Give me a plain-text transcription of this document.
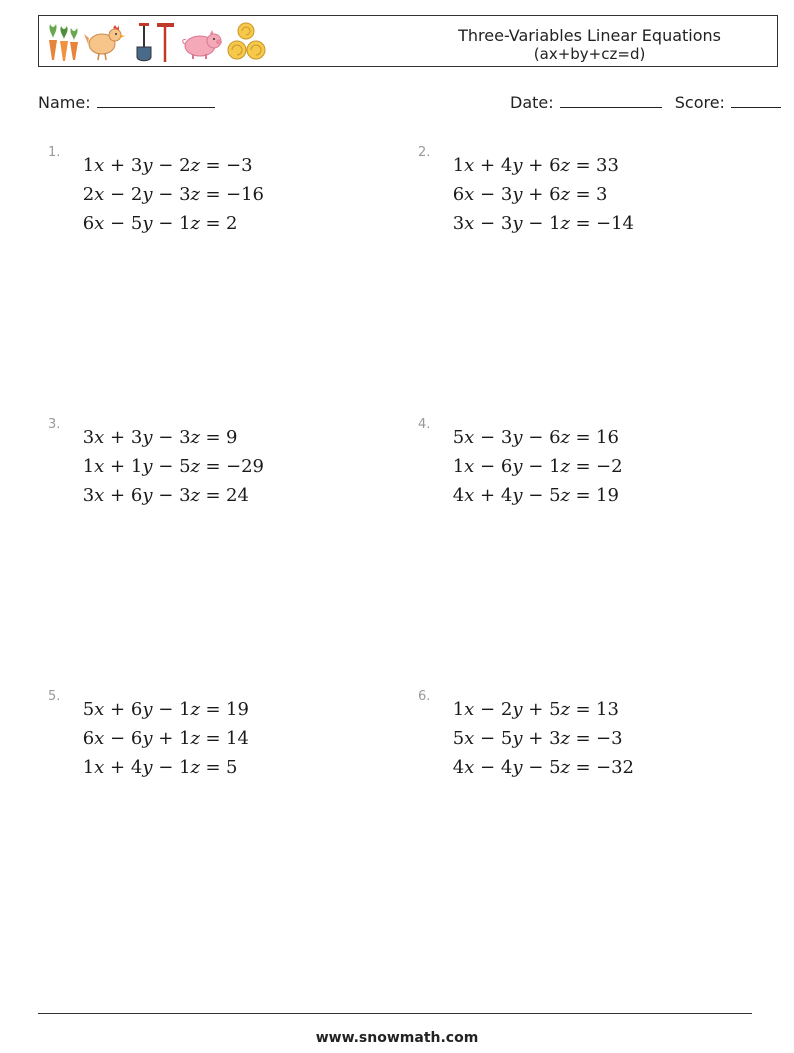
Three-Variables Linear Equations
(ax+by+cz=d)
Name:	Date:	Score:
1.
1x + 3y − 2z = −3
2x − 2y − 3z = −16
6x − 5y − 1z = 2
2.
1x + 4y + 6z = 33
6x − 3y + 6z = 3
3x − 3y − 1z = −14
3.
3x + 3y − 3z = 9
1x + 1y − 5z = −29
3x + 6y − 3z = 24
4.
5x − 3y − 6z = 16
1x − 6y − 1z = −2
4x + 4y − 5z = 19
5.
5x + 6y − 1z = 19
6x − 6y + 1z = 14
1x + 4y − 1z = 5
6.
1x − 2y + 5z = 13
5x − 5y + 3z = −3
4x − 4y − 5z = −32
www.snowmath.com
